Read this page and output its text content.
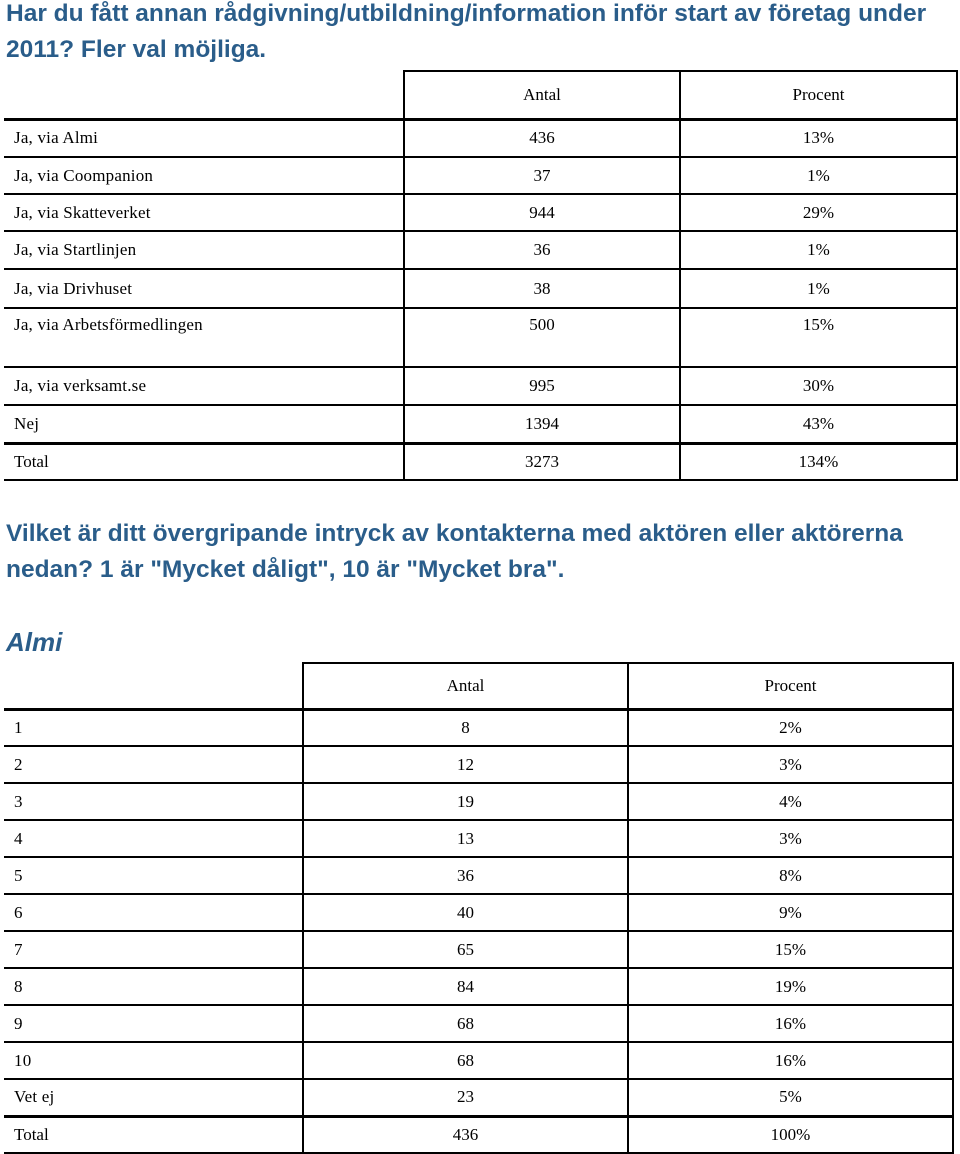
Har du fått annan rådgivning/utbildning/information inför start av företag under 2011? Fler val möjliga.
	Antal	Procent
Ja, via Almi	436	13%
Ja, via Coompanion	37	1%
Ja, via Skatteverket	944	29%
Ja, via Startlinjen	36	1%
Ja, via Drivhuset	38	1%
Ja, via Arbetsförmedlingen	500	15%
Ja, via verksamt.se	995	30%
Nej	1394	43%
Total	3273	134%
Vilket är ditt övergripande intryck av kontakterna med aktören eller aktörerna nedan? 1 är "Mycket dåligt", 10 är "Mycket bra".
Almi
	Antal	Procent
1	8	2%
2	12	3%
3	19	4%
4	13	3%
5	36	8%
6	40	9%
7	65	15%
8	84	19%
9	68	16%
10	68	16%
Vet ej	23	5%
Total	436	100%
